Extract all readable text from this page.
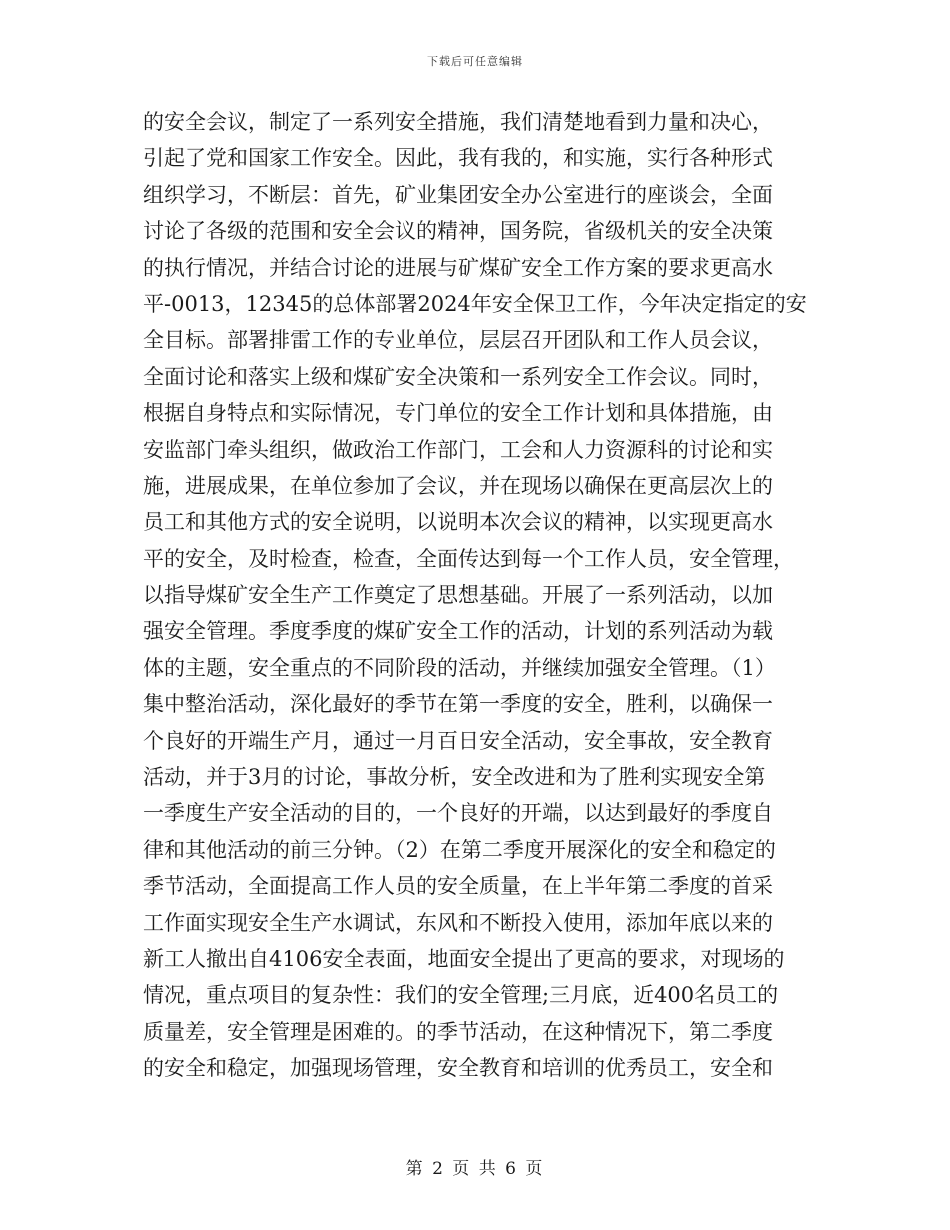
下载后可任意编辑
的安全会议，制定了一系列安全措施，我们清楚地看到力量和决心，
引起了党和国家工作安全。因此，我有我的，和实施，实行各种形式
组织学习，不断层：首先，矿业集团安全办公室进行的座谈会，全面
讨论了各级的范围和安全会议的精神，国务院，省级机关的安全决策
的执行情况，并结合讨论的进展与矿煤矿安全工作方案的要求更高水
平-0013，12345的总体部署2024年安全保卫工作，今年决定指定的安
全目标。部署排雷工作的专业单位，层层召开团队和工作人员会议，
全面讨论和落实上级和煤矿安全决策和一系列安全工作会议。同时，
根据自身特点和实际情况，专门单位的安全工作计划和具体措施，由
安监部门牵头组织，做政治工作部门，工会和人力资源科的讨论和实
施，进展成果，在单位参加了会议，并在现场以确保在更高层次上的
员工和其他方式的安全说明，以说明本次会议的精神，以实现更高水
平的安全，及时检查，检查，全面传达到每一个工作人员，安全管理，
以指导煤矿安全生产工作奠定了思想基础。开展了一系列活动，以加
强安全管理。季度季度的煤矿安全工作的活动，计划的系列活动为载
体的主题，安全重点的不同阶段的活动，并继续加强安全管理。（1）
集中整治活动，深化最好的季节在第一季度的安全，胜利，以确保一
个良好的开端生产月，通过一月百日安全活动，安全事故，安全教育
活动，并于3月的讨论，事故分析，安全改进和为了胜利实现安全第
一季度生产安全活动的目的，一个良好的开端，以达到最好的季度自
律和其他活动的前三分钟。（2）在第二季度开展深化的安全和稳定的
季节活动，全面提高工作人员的安全质量，在上半年第二季度的首采
工作面实现安全生产水调试，东风和不断投入使用，添加年底以来的
新工人撤出自4106安全表面，地面安全提出了更高的要求，对现场的
情况，重点项目的复杂性：我们的安全管理;三月底，近400名员工的
质量差，安全管理是困难的。的季节活动，在这种情况下，第二季度
的安全和稳定，加强现场管理，安全教育和培训的优秀员工，安全和
第 2 页 共 6 页
